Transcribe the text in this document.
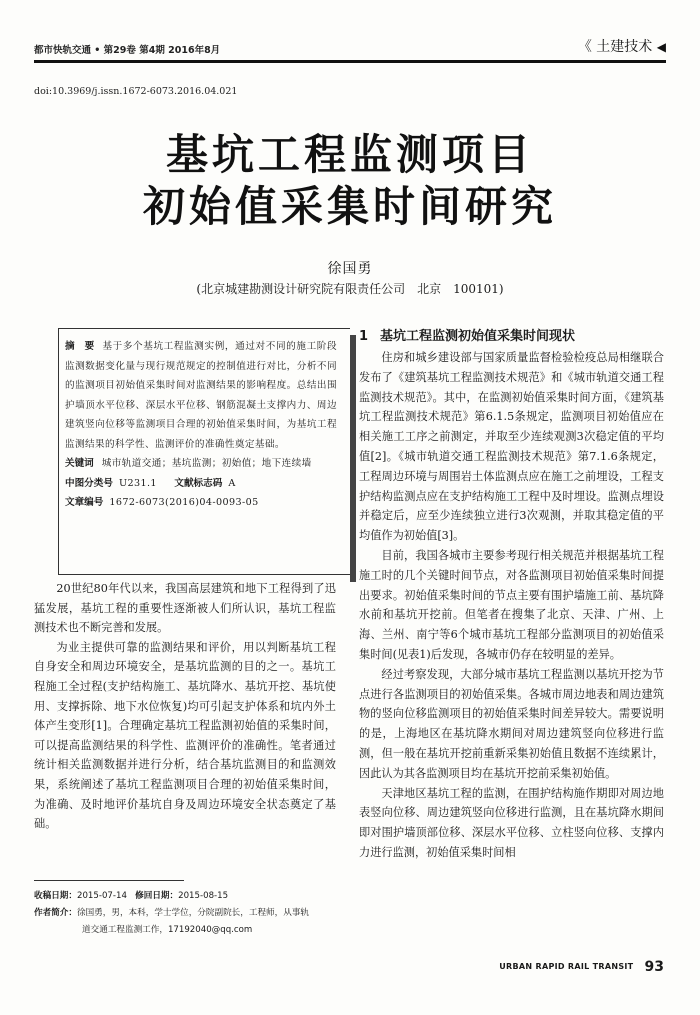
都市快轨交通 • 第29卷 第4期 2016年8月	《 土建技术 ◀
doi:10.3969/j.issn.1672-6073.2016.04.021
基坑工程监测项目
初始值采集时间研究
徐国勇
(北京城建勘测设计研究院有限责任公司　北京　100101)

摘　要 基于多个基坑工程监测实例，通过对不同的施工阶段监测数据变化量与现行规范规定的控制值进行对比，分析不同的监测项目初始值采集时间对监测结果的影响程度。总结出围护墙顶水平位移、深层水平位移、钢筋混凝土支撑内力、周边建筑竖向位移等监测项目合理的初始值采集时间，为基坑工程监测结果的科学性、监测评价的准确性奠定基础。

关键词 城市轨道交通；基坑监测；初始值；地下连续墙

中图分类号 U231.1 文献标志码 A
文章编号 1672-6073(2016)04-0093-05

20世纪80年代以来，我国高层建筑和地下工程得到了迅猛发展，基坑工程的重要性逐渐被人们所认识，基坑工程监测技术也不断完善和发展。

为业主提供可靠的监测结果和评价，用以判断基坑工程自身安全和周边环境安全，是基坑监测的目的之一。基坑工程施工全过程(支护结构施工、基坑降水、基坑开挖、基坑使用、支撑拆除、地下水位恢复)均可引起支护体系和坑内外土体产生变形[1]。合理确定基坑工程监测初始值的采集时间，可以提高监测结果的科学性、监测评价的准确性。笔者通过统计相关监测数据并进行分析，结合基坑监测目的和监测效果，系统阐述了基坑工程监测项目合理的初始值采集时间，为准确、及时地评价基坑自身及周边环境安全状态奠定了基础。

收稿日期：2015-07-14 修回日期：2015-08-15
作者简介：徐国勇，男，本科，学士学位，分院副院长，工程师，从事轨
道交通工程监测工作，17192040@qq.com

1 基坑工程监测初始值采集时间现状

住房和城乡建设部与国家质量监督检验检疫总局相继联合发布了《建筑基坑工程监测技术规范》和《城市轨道交通工程监测技术规范》。其中，在监测初始值采集时间方面，《建筑基坑工程监测技术规范》第6.1.5条规定，监测项目初始值应在相关施工工序之前测定，并取至少连续观测3次稳定值的平均值[2]。《城市轨道交通工程监测技术规范》第7.1.6条规定，工程周边环境与周围岩土体监测点应在施工之前埋设，工程支护结构监测点应在支护结构施工工程中及时埋设。监测点埋设并稳定后，应至少连续独立进行3次观测，并取其稳定值的平均值作为初始值[3]。

目前，我国各城市主要参考现行相关规范并根据基坑工程施工时的几个关键时间节点，对各监测项目初始值采集时间提出要求。初始值采集时间的节点主要有围护墙施工前、基坑降水前和基坑开挖前。但笔者在搜集了北京、天津、广州、上海、兰州、南宁等6个城市基坑工程部分监测项目的初始值采集时间(见表1)后发现，各城市仍存在较明显的差异。

经过考察发现，大部分城市基坑工程监测以基坑开挖为节点进行各监测项目的初始值采集。各城市周边地表和周边建筑物的竖向位移监测项目的初始值采集时间差异较大。需要说明的是，上海地区在基坑降水期间对周边建筑竖向位移进行监测，但一般在基坑开挖前重新采集初始值且数据不连续累计，因此认为其各监测项目均在基坑开挖前采集初始值。

天津地区基坑工程的监测，在围护结构施作期即对周边地表竖向位移、周边建筑竖向位移进行监测，且在基坑降水期间即对围护墙顶部位移、深层水平位移、立柱竖向位移、支撑内力进行监测，初始值采集时间相

URBAN RAPID RAIL TRANSIT 93
